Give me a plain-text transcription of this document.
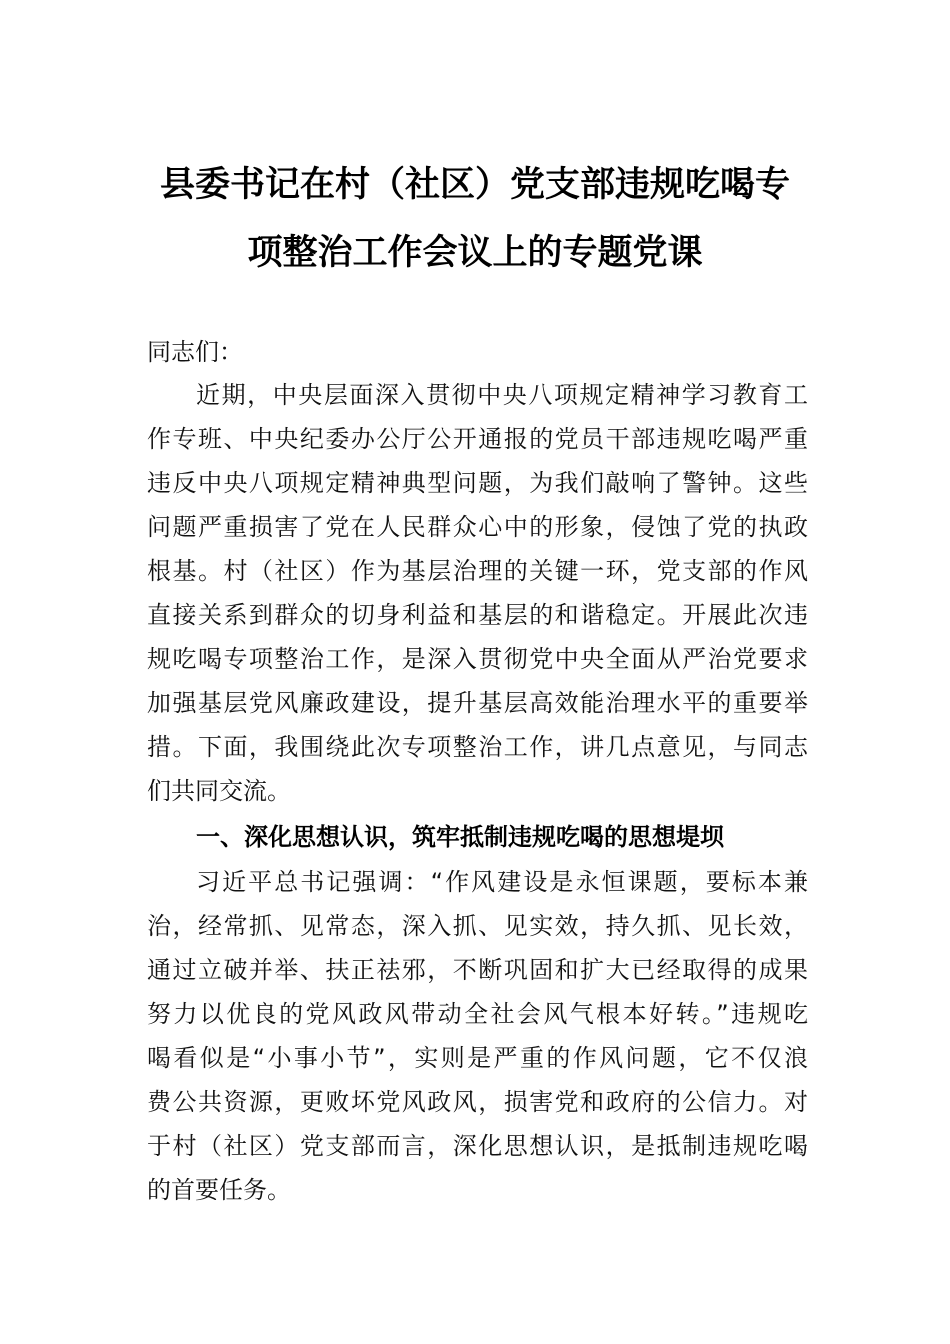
县委书记在村（社区）党支部违规吃喝专
项整治工作会议上的专题党课
同志们：
近期，中央层面深入贯彻中央八项规定精神学习教育工
作专班、中央纪委办公厅公开通报的党员干部违规吃喝严重
违反中央八项规定精神典型问题，为我们敲响了警钟。这些
问题严重损害了党在人民群众心中的形象，侵蚀了党的执政
根基。村（社区）作为基层治理的关键一环，党支部的作风
直接关系到群众的切身利益和基层的和谐稳定。开展此次违
规吃喝专项整治工作，是深入贯彻党中央全面从严治党要求
加强基层党风廉政建设，提升基层高效能治理水平的重要举
措。下面，我围绕此次专项整治工作，讲几点意见，与同志
们共同交流。
一、深化思想认识，筑牢抵制违规吃喝的思想堤坝
习近平总书记强调：“作风建设是永恒课题，要标本兼
治，经常抓、见常态，深入抓、见实效，持久抓、见长效，
通过立破并举、扶正祛邪，不断巩固和扩大已经取得的成果
努力以优良的党风政风带动全社会风气根本好转。”违规吃
喝看似是“小事小节”，实则是严重的作风问题，它不仅浪
费公共资源，更败坏党风政风，损害党和政府的公信力。对
于村（社区）党支部而言，深化思想认识，是抵制违规吃喝
的首要任务。
